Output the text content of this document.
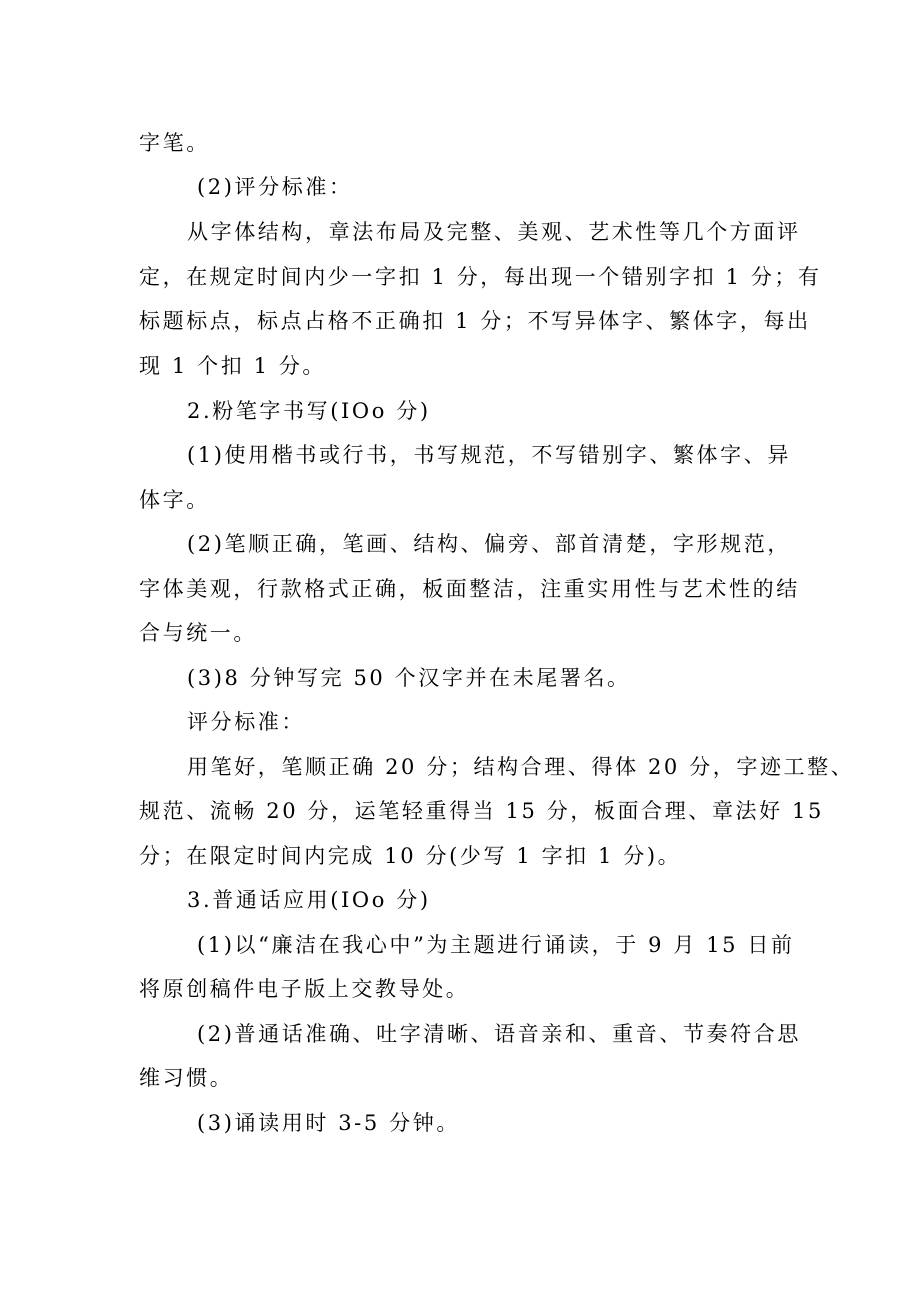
字笔。

(2)评分标准：

从字体结构，章法布局及完整、美观、艺术性等几个方面评

定，在规定时间内少一字扣 1 分，每出现一个错别字扣 1 分；有

标题标点，标点占格不正确扣 1 分；不写异体字、繁体字，每出

现 1 个扣 1 分。

2.粉笔字书写(IOo 分)

(1)使用楷书或行书，书写规范，不写错别字、繁体字、异

体字。

(2)笔顺正确，笔画、结构、偏旁、部首清楚，字形规范，

字体美观，行款格式正确，板面整洁，注重实用性与艺术性的结

合与统一。

(3)8 分钟写完 50 个汉字并在未尾署名。

评分标准：

用笔好，笔顺正确 20 分；结构合理、得体 20 分，字迹工整、

规范、流畅 20 分，运笔轻重得当 15 分，板面合理、章法好 15

分；在限定时间内完成 10 分(少写 1 字扣 1 分)。

3.普通话应用(IOo 分)

(1)以“廉洁在我心中”为主题进行诵读，于 9 月 15 日前

将原创稿件电子版上交教导处。

(2)普通话准确、吐字清晰、语音亲和、重音、节奏符合思

维习惯。

(3)诵读用时 3-5 分钟。
